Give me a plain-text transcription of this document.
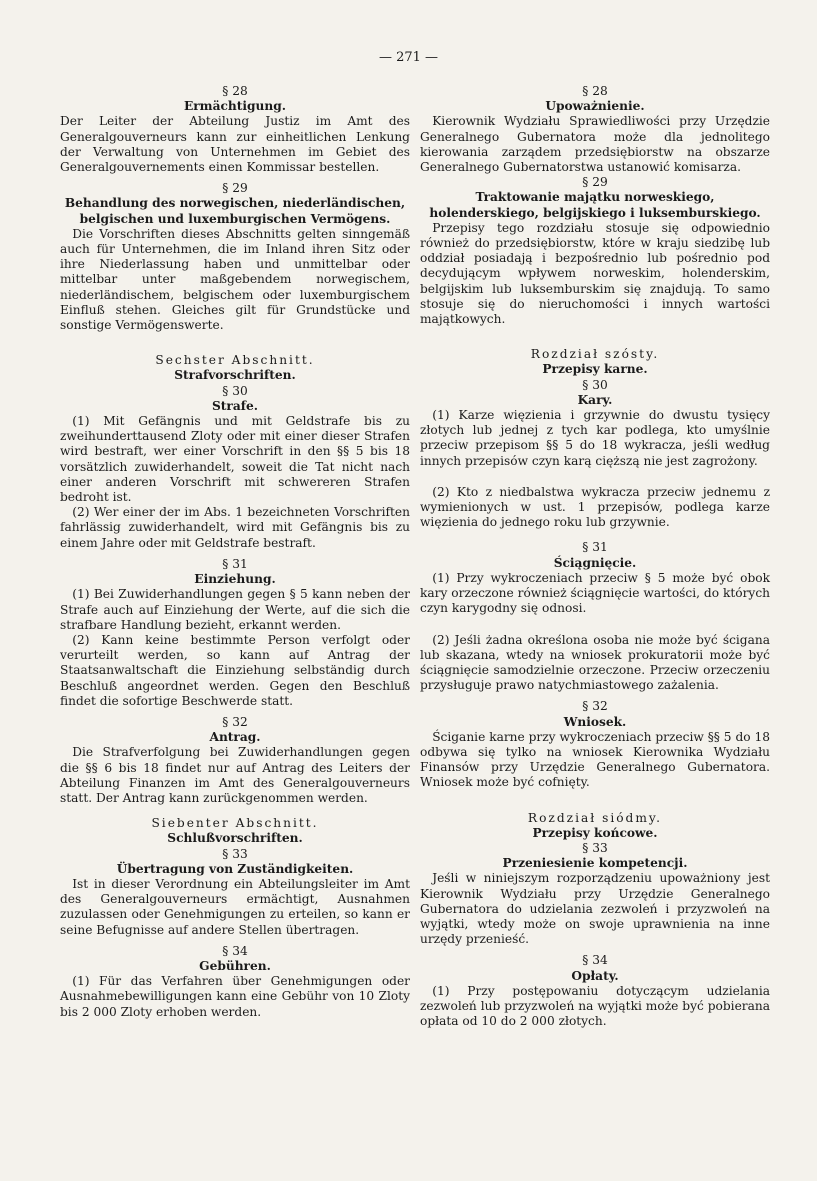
— 271 —

§ 28

Ermächtigung.

Der Leiter der Abteilung Justiz im Amt des Generalgouverneurs kann zur einheitlichen Lenkung der Verwaltung von Unternehmen im Gebiet des Generalgouvernements einen Kommissar bestellen.

§ 29

Behandlung des norwegischen, niederländischen, belgischen und luxemburgischen Vermögens.

Die Vorschriften dieses Abschnitts gelten sinngemäß auch für Unternehmen, die im Inland ihren Sitz oder ihre Niederlassung haben und unmittelbar oder mittelbar unter maßgebendem norwegischem, niederländischem, belgischem oder luxemburgischem Einfluß stehen. Gleiches gilt für Grundstücke und sonstige Vermögenswerte.

Sechster Abschnitt.

Strafvorschriften.

§ 30

Strafe.

(1) Mit Gefängnis und mit Geldstrafe bis zu zweihunderttausend Zloty oder mit einer dieser Strafen wird bestraft, wer einer Vorschrift in den §§ 5 bis 18 vorsätzlich zuwiderhandelt, soweit die Tat nicht nach einer anderen Vorschrift mit schwereren Strafen bedroht ist.

(2) Wer einer der im Abs. 1 bezeichneten Vorschriften fahrlässig zuwiderhandelt, wird mit Gefängnis bis zu einem Jahre oder mit Geldstrafe bestraft.

§ 31

Einziehung.

(1) Bei Zuwiderhandlungen gegen § 5 kann neben der Strafe auch auf Einziehung der Werte, auf die sich die strafbare Handlung bezieht, erkannt werden.

(2) Kann keine bestimmte Person verfolgt oder verurteilt werden, so kann auf Antrag der Staatsanwaltschaft die Einziehung selbständig durch Beschluß angeordnet werden. Gegen den Beschluß findet die sofortige Beschwerde statt.

§ 32

Antrag.

Die Strafverfolgung bei Zuwiderhandlungen gegen die §§ 6 bis 18 findet nur auf Antrag des Leiters der Abteilung Finanzen im Amt des Generalgouverneurs statt. Der Antrag kann zurückgenommen werden.

Siebenter Abschnitt.

Schlußvorschriften.

§ 33

Übertragung von Zuständigkeiten.

Ist in dieser Verordnung ein Abteilungsleiter im Amt des Generalgouverneurs ermächtigt, Ausnahmen zuzulassen oder Genehmigungen zu erteilen, so kann er seine Befugnisse auf andere Stellen übertragen.

§ 34

Gebühren.

(1) Für das Verfahren über Genehmigungen oder Ausnahmebewilligungen kann eine Gebühr von 10 Zloty bis 2 000 Zloty erhoben werden.

§ 28

Upoważnienie.

Kierownik Wydziału Sprawiedliwości przy Urzędzie Generalnego Gubernatora może dla jednolitego kierowania zarządem przedsiębiorstw na obszarze Generalnego Gubernatorstwa ustanowić komisarza.

§ 29

Traktowanie majątku norweskiego, holenderskiego, belgijskiego i luksemburskiego.

Przepisy tego rozdziału stosuje się odpowiednio również do przedsiębiorstw, które w kraju siedzibę lub oddział posiadają i bezpośrednio lub pośrednio pod decydującym wpływem norweskim, holenderskim, belgijskim lub luksemburskim się znajdują. To samo stosuje się do nieruchomości i innych wartości majątkowych.

Rozdział szósty.

Przepisy karne.

§ 30

Kary.

(1) Karze więzienia i grzywnie do dwustu tysięcy złotych lub jednej z tych kar podlega, kto umyślnie przeciw przepisom §§ 5 do 18 wykracza, jeśli według innych przepisów czyn karą cięższą nie jest zagrożony.

(2) Kto z niedbalstwa wykracza przeciw jednemu z wymienionych w ust. 1 przepisów, podlega karze więzienia do jednego roku lub grzywnie.

§ 31

Ściągnięcie.

(1) Przy wykroczeniach przeciw § 5 może być obok kary orzeczone również ściągnięcie wartości, do których czyn karygodny się odnosi.

(2) Jeśli żadna określona osoba nie może być ścigana lub skazana, wtedy na wniosek prokuratorii może być ściągnięcie samodzielnie orzeczone. Przeciw orzeczeniu przysługuje prawo natychmiastowego zażalenia.

§ 32

Wniosek.

Ściganie karne przy wykroczeniach przeciw §§ 5 do 18 odbywa się tylko na wniosek Kierownika Wydziału Finansów przy Urzędzie Generalnego Gubernatora. Wniosek może być cofnięty.

Rozdział siódmy.

Przepisy końcowe.

§ 33

Przeniesienie kompetencji.

Jeśli w niniejszym rozporządzeniu upoważniony jest Kierownik Wydziału przy Urzędzie Generalnego Gubernatora do udzielania zezwoleń i przyzwoleń na wyjątki, wtedy może on swoje uprawnienia na inne urzędy przenieść.

§ 34

Opłaty.

(1) Przy postępowaniu dotyczącym udzielania zezwoleń lub przyzwoleń na wyjątki może być pobierana opłata od 10 do 2 000 złotych.
